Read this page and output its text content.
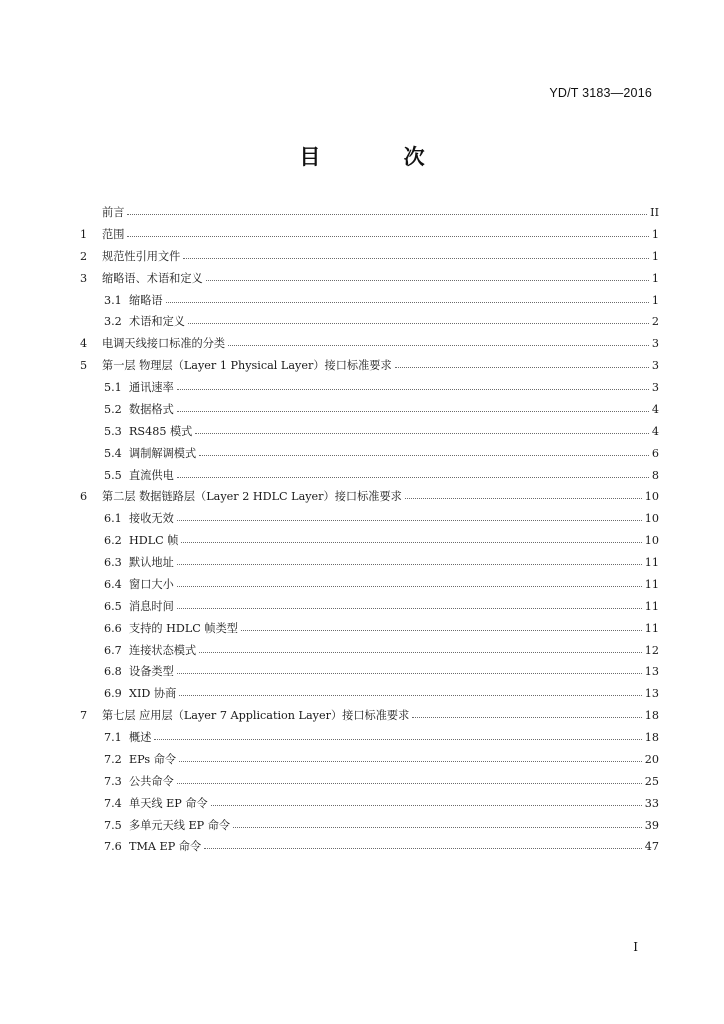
YD/T 3183—2016
目 次
前言	II
1	范围	1
2	规范性引用文件	1
3	缩略语、术语和定义	1
3.1 缩略语	1
3.2 术语和定义	2
4	电调天线接口标准的分类	3
5	第一层 物理层（Layer 1 Physical Layer）接口标准要求	3
5.1 通讯速率	3
5.2 数据格式	4
5.3 RS485 模式	4
5.4 调制解调模式	6
5.5 直流供电	8
6	第二层 数据链路层（Layer 2 HDLC Layer）接口标准要求	10
6.1 接收无效	10
6.2 HDLC 帧	10
6.3 默认地址	11
6.4 窗口大小	11
6.5 消息时间	11
6.6 支持的 HDLC 帧类型	11
6.7 连接状态模式	12
6.8 设备类型	13
6.9 XID 协商	13
7	第七层 应用层（Layer 7 Application Layer）接口标准要求	18
7.1 概述	18
7.2 EPs 命令	20
7.3 公共命令	25
7.4 单天线 EP 命令	33
7.5 多单元天线 EP 命令	39
7.6 TMA EP 命令	47
I
